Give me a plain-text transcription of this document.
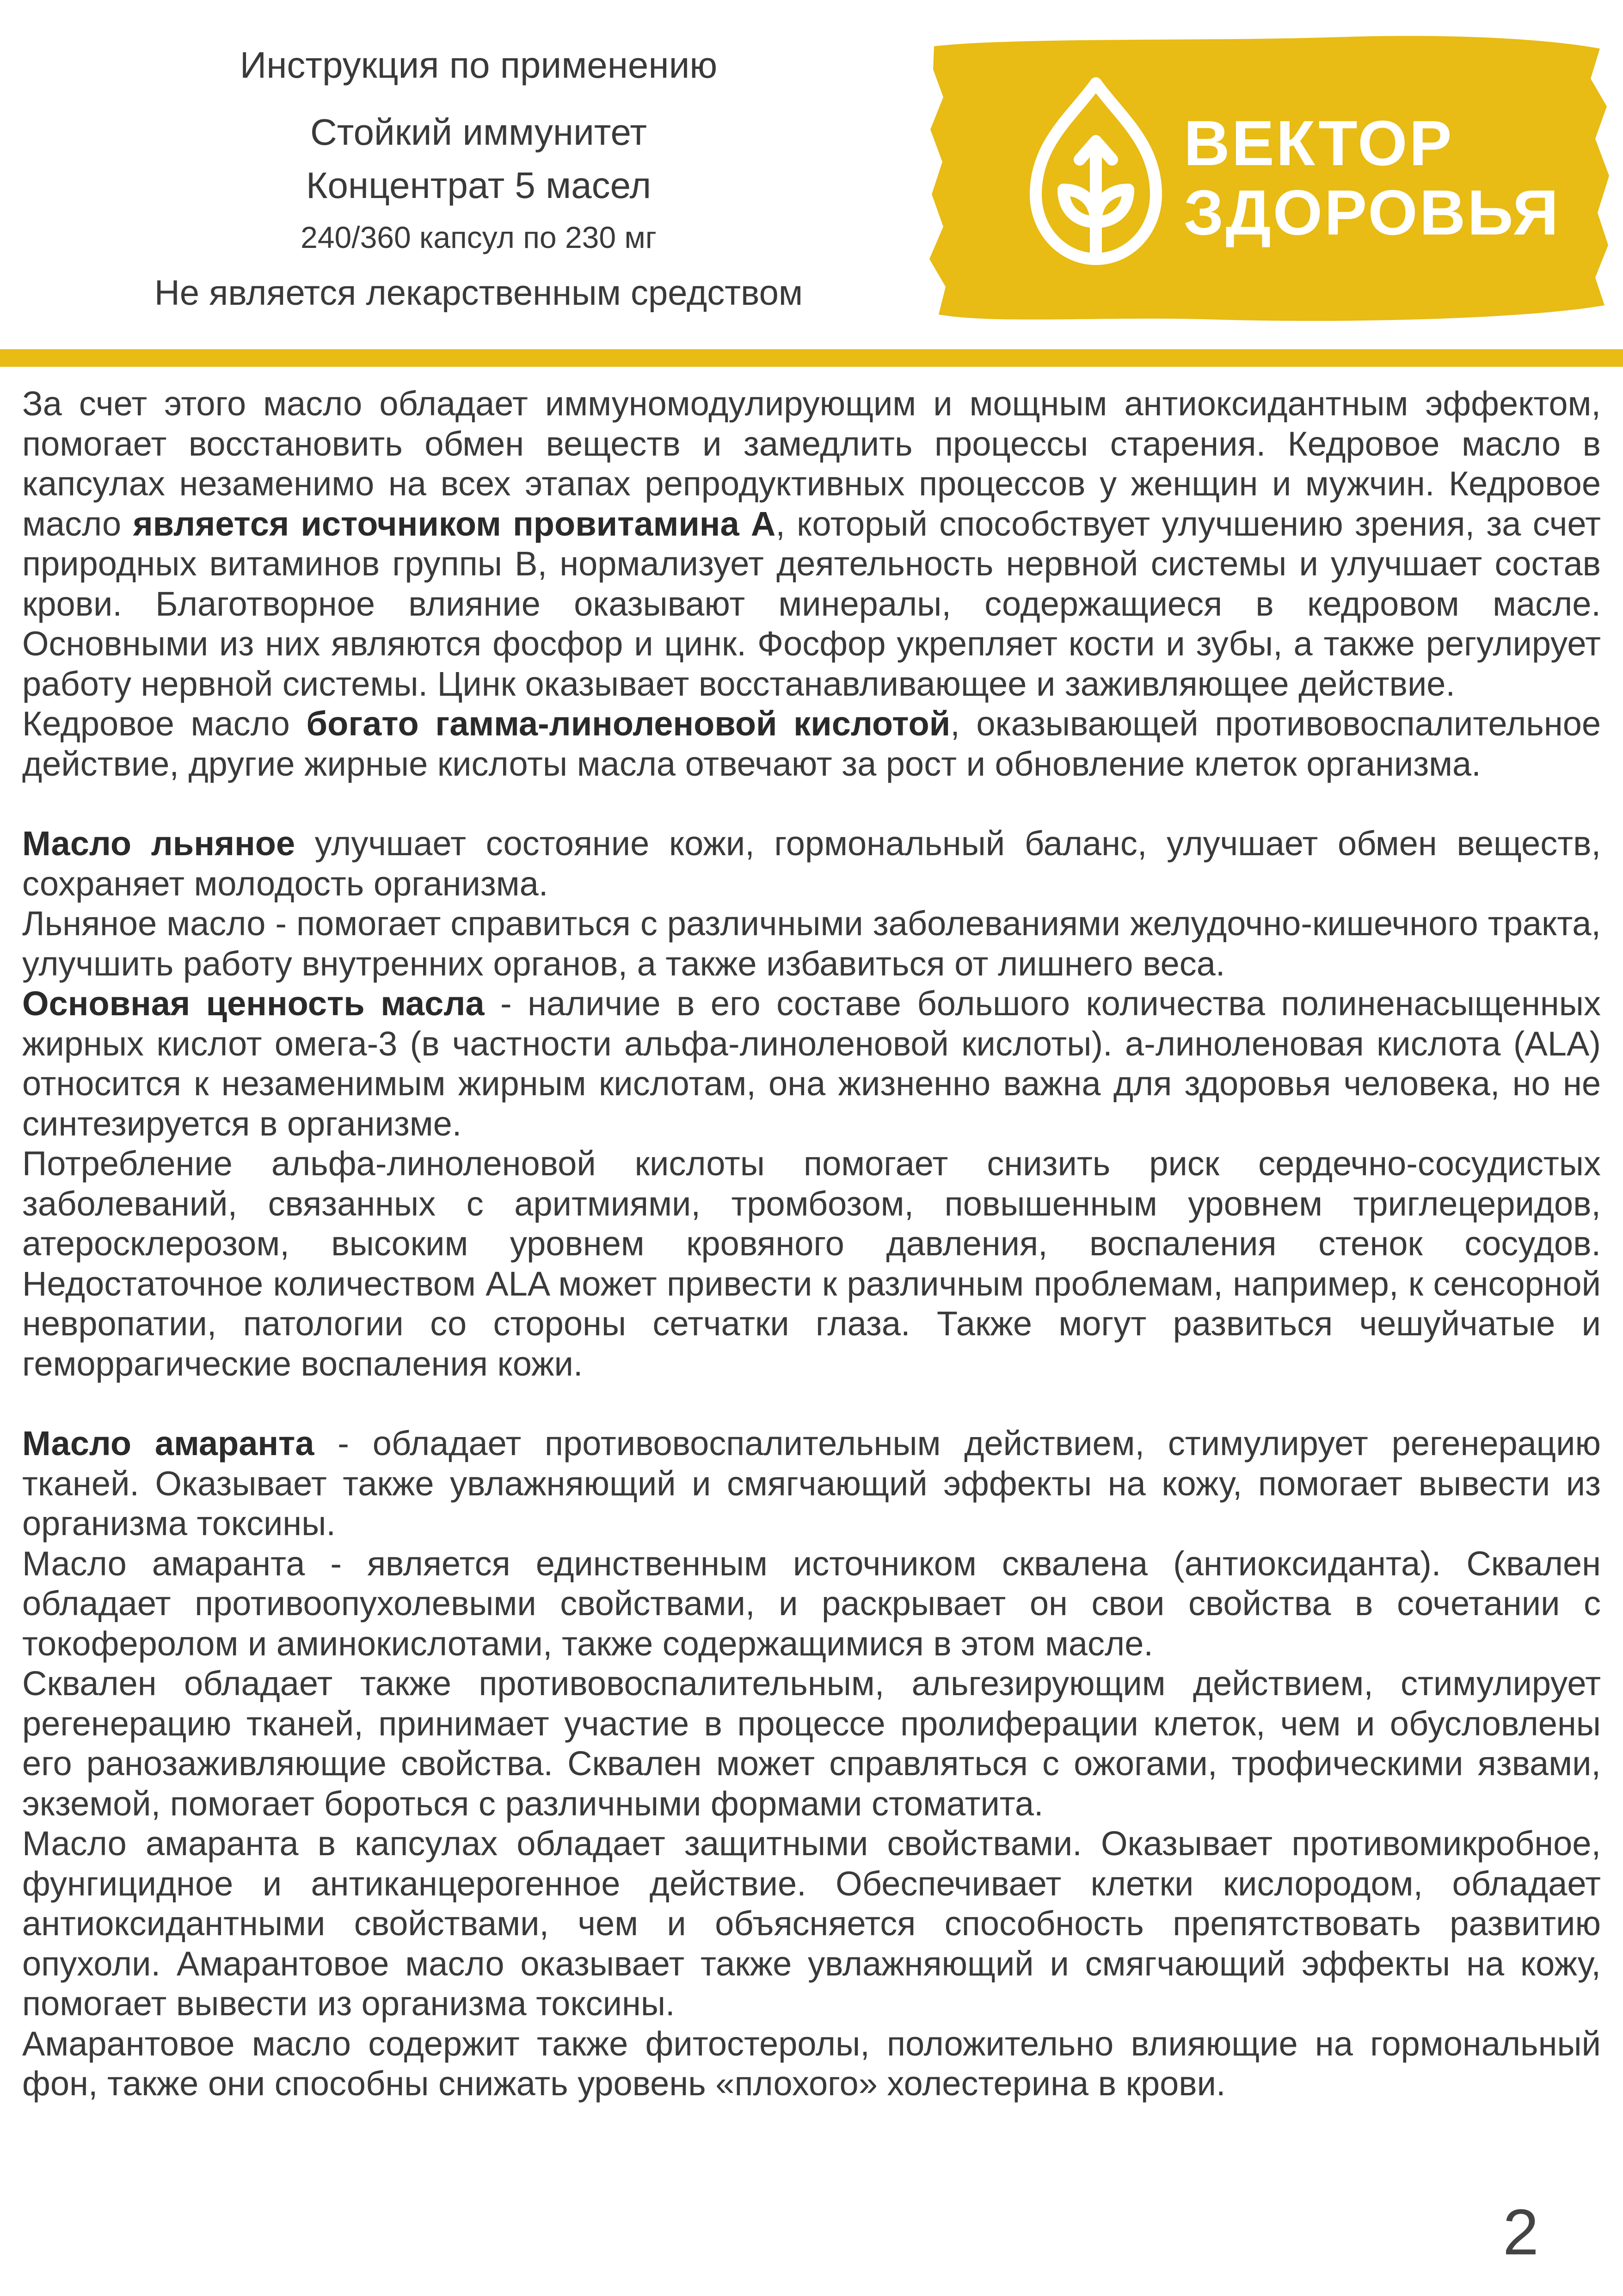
Инструкция по применению
Стойкий иммунитет
Концентрат 5 масел
240/360 капсул по 230 мг
Не является лекарственным средством
ВЕКТОР
ЗДОРОВЬЯ

За счет этого масло обладает иммуномодулирующим и мощным антиоксидантным эффектом, помогает восстановить обмен веществ и замедлить процессы старения. Кедровое масло в капсулах незаменимо на всех этапах репродуктивных процессов у женщин и мужчин. Кедровое масло является источником провитамина А, который способствует улучшению зрения, за счет природных витаминов группы В, нормализует деятельность нервной системы и улучшает состав крови. Благотворное влияние оказывают минералы, содержащиеся в кедровом масле. Основными из них являются фосфор и цинк. Фосфор укрепляет кости и зубы, а также регулирует работу нервной системы. Цинк оказывает восстанавливающее и заживляющее действие.

Кедровое масло богато гамма-линоленовой кислотой, оказывающей противовоспалительное действие, другие жирные кислоты масла отвечают за рост и обновление клеток организма.

Масло льняное улучшает состояние кожи, гормональный баланс, улучшает обмен веществ, сохраняет молодость организма.

Льняное масло - помогает справиться с различными заболеваниями желудочно-кишечного тракта, улучшить работу внутренних органов, а также избавиться от лишнего веса.

Основная ценность масла - наличие в его составе большого количества полиненасыщенных жирных кислот омега-3 (в частности альфа-линоленовой кислоты). а-линоленовая кислота (ALA) относится к незаменимым жирным кислотам, она жизненно важна для здоровья человека, но не синтезируется в организме.

Потребление альфа-линоленовой кислоты помогает снизить риск сердечно-сосудистых заболеваний, связанных с аритмиями, тромбозом, повышенным уровнем триглецеридов, атеросклерозом, высоким уровнем кровяного давления, воспаления стенок сосудов. Недостаточное количеством ALA может привести к различным проблемам, например, к сенсорной невропатии, патологии со стороны сетчатки глаза. Также могут развиться чешуйчатые и геморрагические воспаления кожи.

Масло амаранта - обладает противовоспалительным действием, стимулирует регенерацию тканей. Оказывает также увлажняющий и смягчающий эффекты на кожу, помогает вывести из организма токсины.

Масло амаранта - является единственным источником сквалена (антиоксиданта). Сквален обладает противоопухолевыми свойствами, и раскрывает он свои свойства в сочетании с токоферолом и аминокислотами, также содержащимися в этом масле.

Сквален обладает также противовоспалительным, альгезирующим действием, стимулирует регенерацию тканей, принимает участие в процессе пролиферации клеток, чем и обусловлены его ранозаживляющие свойства. Сквален может справляться с ожогами, трофическими язвами, экземой, помогает бороться с различными формами стоматита.

Масло амаранта в капсулах обладает защитными свойствами. Оказывает противомикробное, фунгицидное и антиканцерогенное действие. Обеспечивает клетки кислородом, обладает антиоксидантными свойствами, чем и объясняется способность препятствовать развитию опухоли. Амарантовое масло оказывает также увлажняющий и смягчающий эффекты на кожу, помогает вывести из организма токсины.

Амарантовое масло содержит также фитостеролы, положительно влияющие на гормональный фон, также они способны снижать уровень «плохого» холестерина в крови.

2
